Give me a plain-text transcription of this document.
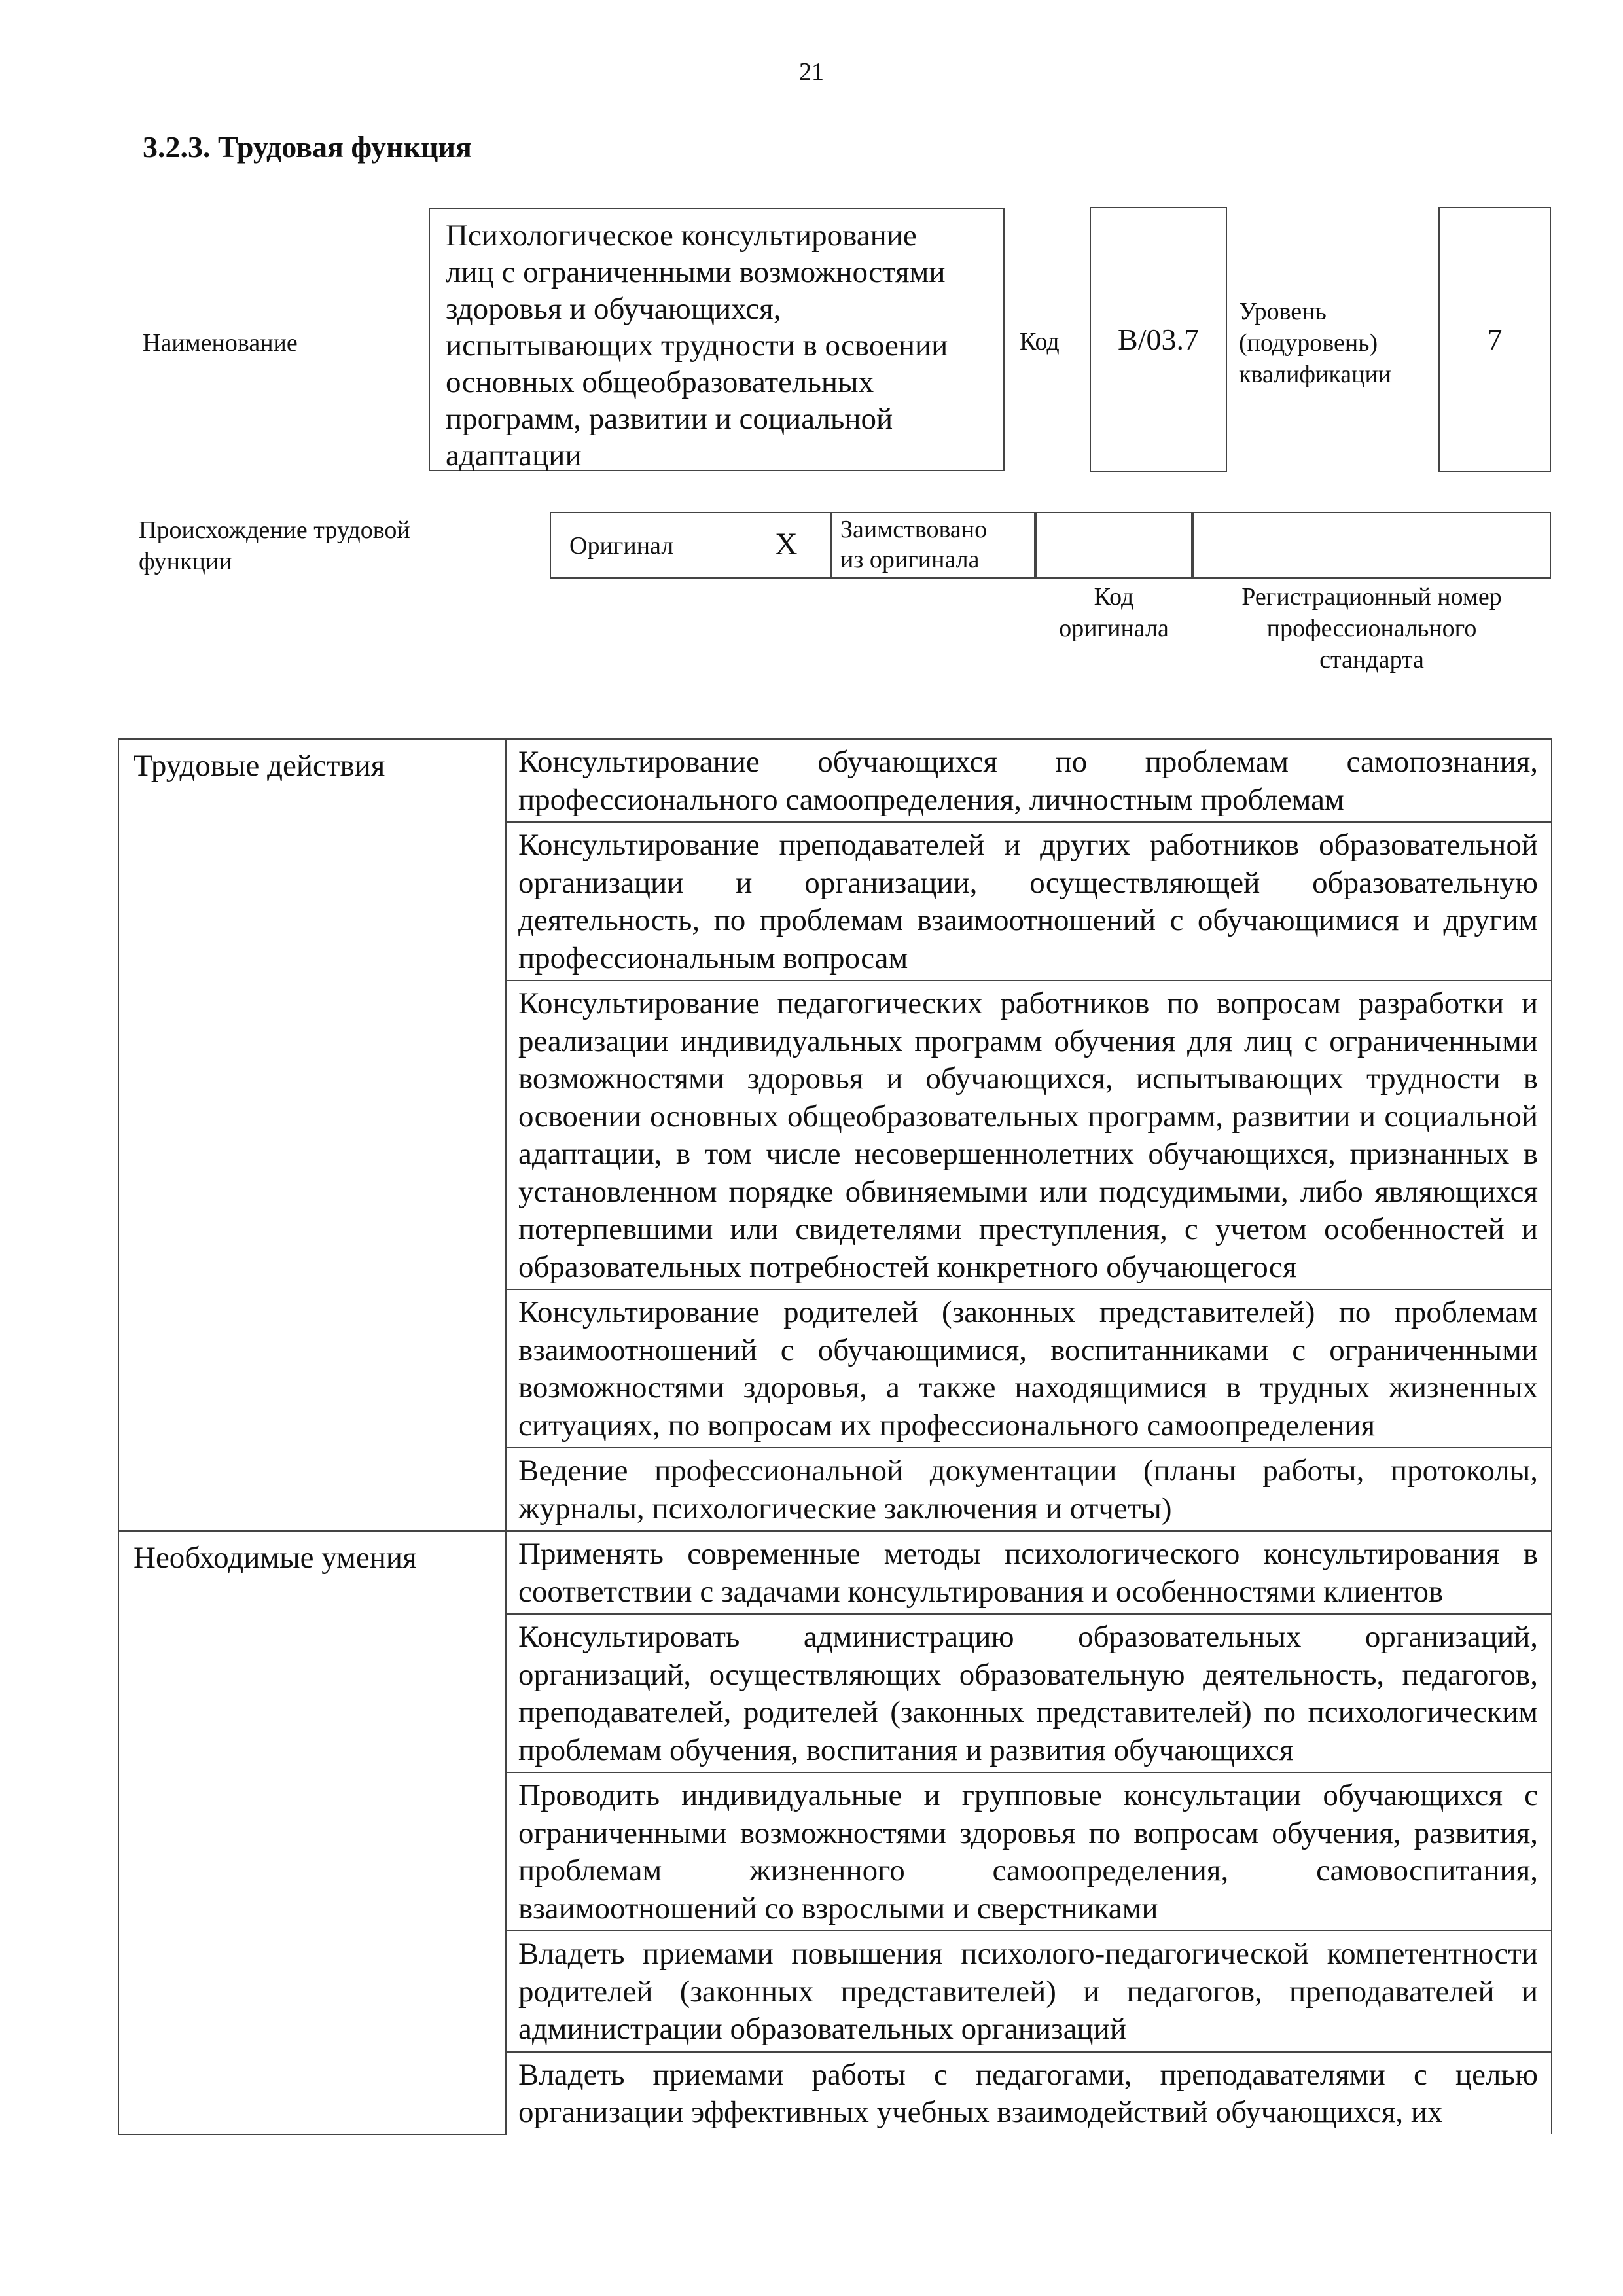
21
3.2.3. Трудовая функция
Наименование
Психологическое консультирование
лиц с ограниченными возможностями
здоровья и обучающихся,
испытывающих трудности в освоении
основных общеобразовательных
программ, развитии и социальной
адаптации
Код B/03.7
Уровень
(подуровень)
квалификации
7
Происхождение трудовой
функции
Оригинал	X Заимствовано
из оригинала
Код
оригинала
Регистрационный номер
профессионального
стандарта
Трудовые действия	Консультирование обучающихся по проблемам самопознания, профессионального самоопределения, личностным проблемам
	Консультирование преподавателей и других работников образовательной организации и организации, осуществляющей образовательную деятельность, по проблемам взаимоотношений с обучающимися и другим профессиональным вопросам
	Консультирование педагогических работников по вопросам разработки и реализации индивидуальных программ обучения для лиц с ограниченными возможностями здоровья и обучающихся, испытывающих трудности в освоении основных общеобразовательных программ, развитии и социальной адаптации, в том числе несовершеннолетних обучающихся, признанных в установленном порядке обвиняемыми или подсудимыми, либо являющихся потерпевшими или свидетелями преступления, с учетом особенностей и образовательных потребностей конкретного обучающегося
	Консультирование родителей (законных представителей) по проблемам взаимоотношений с обучающимися, воспитанниками с ограниченными возможностями здоровья, а также находящимися в трудных жизненных ситуациях, по вопросам их профессионального самоопределения
	Ведение профессиональной документации (планы работы, протоколы, журналы, психологические заключения и отчеты)
Необходимые умения	Применять современные методы психологического консультирования в соответствии с задачами консультирования и особенностями клиентов
	Консультировать администрацию образовательных организаций, организаций, осуществляющих образовательную деятельность, педагогов, преподавателей, родителей (законных представителей) по психологическим проблемам обучения, воспитания и развития обучающихся
	Проводить индивидуальные и групповые консультации обучающихся с ограниченными возможностями здоровья по вопросам обучения, развития, проблемам жизненного самоопределения, самовоспитания, взаимоотношений со взрослыми и сверстниками
	Владеть приемами повышения психолого-педагогической компетентности родителей (законных представителей) и педагогов, преподавателей и администрации образовательных организаций
	Владеть приемами работы с педагогами, преподавателями с целью организации эффективных учебных взаимодействий обучающихся, их
